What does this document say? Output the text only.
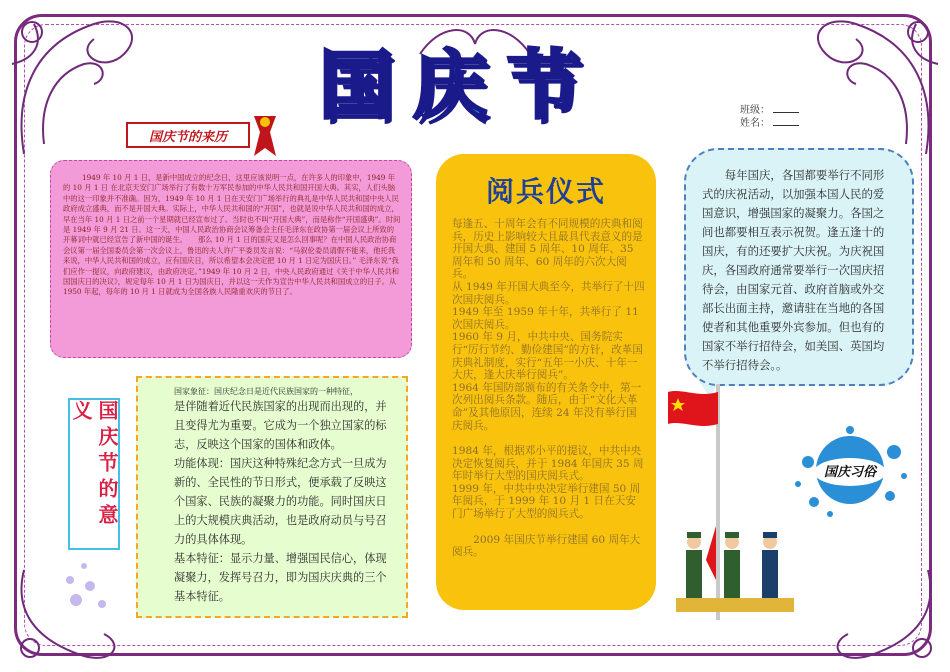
国庆节	班级：
姓名：
国庆节的来历
1949 年 10 月 1 日，是新中国成立的纪念日，这里应该说明一点，在许多人的印象中，1949 年的 10 月 1 日 在北京天安门广场举行了有数十万军民参加的中华人民共和国开国大典。其实，人们头脑中的这一印象并不准确。因为，1949 年 10 月 1 日在天安门广场举行的典礼是中华人民共和国中央人民政府成立盛典，而不是开国大典。实际上，中华人民共和国的“开国”，也就是说中华人民共和国的成立，早在当年 10 月 1 日之前一个星期就已经宣布过了。当时也不叫“开国大典”，而是称作“开国盛典”。时间是 1949 年 9 月 21 日。这一天，中国人民政治协商会议筹备会主任毛泽东在政协第一届会议上所致的开幕词中就已经宣告了新中国的诞生。　　那么 10 月 1 日的国庆又是怎么回事呢？在中国人民政治协商会议第一届全国委员会第一次会议上，鲁迅的夫人许广平委员发言说：“马叙伦委员请假不能来，他托我来说，中华人民共和国的成立，应有国庆日，所以希望本会决定把 10 月 1 日定为国庆日。” 毛泽东说“我们应作一提议，向政府建议，由政府决定。”1949 年 10 月 2 日，中央人民政府通过《关于中华人民共和国国庆日的决议》，规定每年 10 月 1 日为国庆日，并以这一天作为宣告中华人民共和国成立的日子。从 1950 年起，每年的 10 月 1 日就成为全国各族人民隆重欢庆的节日了。
国庆节的意义
国家象征：国庆纪念日是近代民族国家的一种特征，
是伴随着近代民族国家的出现而出现的，并且变得尤为重要。它成为一个独立国家的标志，反映这个国家的国体和政体。
功能体现：国庆这种特殊纪念方式一旦成为新的、全民性的节日形式，便承载了反映这个国家、民族的凝聚力的功能。同时国庆日上的大规模庆典活动，也是政府动员与号召力的具体体现。
基本特征：显示力量、增强国民信心，体现凝聚力，发挥号召力，即为国庆庆典的三个基本特征。

每逢五、十周年会有不同规模的庆典和阅兵，历史上影响较大且最具代表意义的是开国大典、建国 5 周年、10 周年、35 周年和 50 周年、60 周年的六次大阅兵。

从 1949 年开国大典至今，共举行了十四次国庆阅兵。

1949 年至 1959 年十年，共举行了 11 次国庆阅兵。

1960 年 9 月，中共中央、国务院实行“厉行节约、勤俭建国”的方针，改革国庆典礼制度，实行“五年一小庆、十年一大庆，逢大庆举行阅兵”。

1964 年国防部颁布的有关条令中，第一次列出阅兵条款。随后，由于“文化大革命”及其他原因，连续 24 年没有举行国庆阅兵。

1984 年，根据邓小平的提议，中共中央决定恢复阅兵，并于 1984 年国庆 35 周年时举行大型的国庆阅兵式。

1999 年，中共中央决定举行建国 50 周年阅兵，于 1999 年 10 月 1 日在天安门广场举行了大型的阅兵式。

　　2009 年国庆节举行建国 60 周年大阅兵。

阅兵仪式	每年国庆，各国都要举行不同形式的庆祝活动，以加强本国人民的爱国意识，增强国家的凝聚力。各国之间也都要相互表示祝贺。逢五逢十的国庆，有的还要扩大庆祝。为庆祝国庆，各国政府通常要举行一次国庆招待会，由国家元首、政府首脑或外交部长出面主持，邀请驻在当地的各国使者和其他重要外宾参加。但也有的国家不举行招待会，如美国、英国均不举行招待会。。
国庆习俗
